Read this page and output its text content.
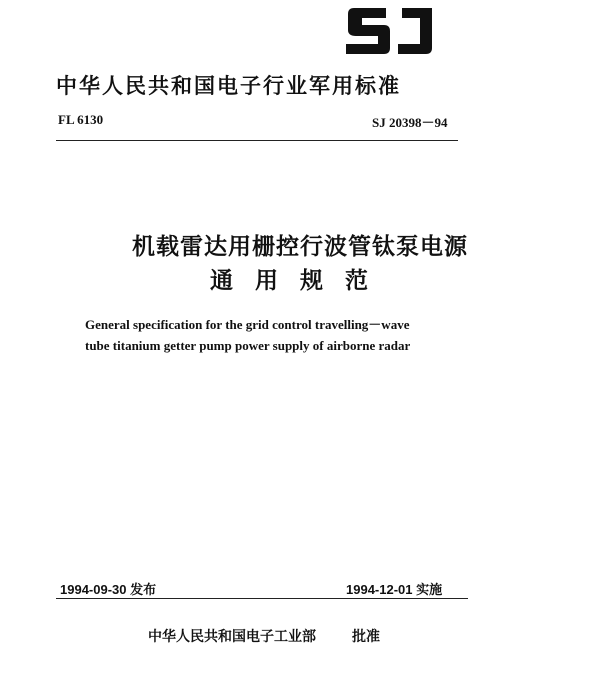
中华人民共和国电子行业军用标准
FL 6130	SJ 20398－94
机载雷达用栅控行波管钛泵电源
通用规范
General specification for the grid control travelling－wave
tube titanium getter pump power supply of airborne radar
1994-09-30 发布	1994-12-01 实施
中华人民共和国电子工业部	批准
